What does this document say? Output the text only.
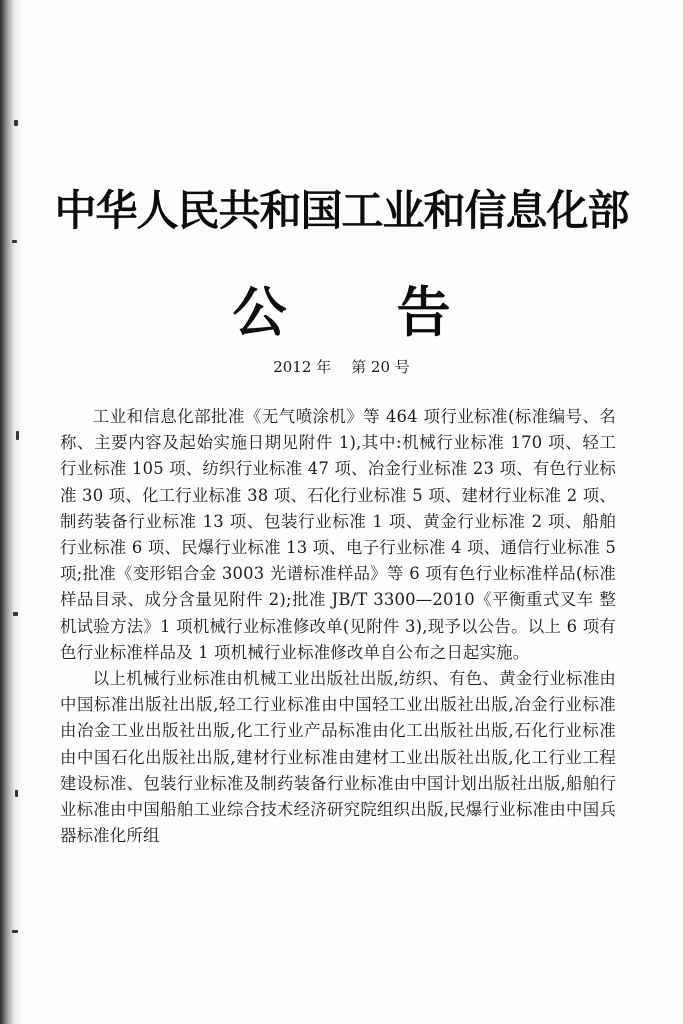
中华人民共和国工业和信息化部
公 告
2012 年 第 20 号

工业和信息化部批准《无气喷涂机》等 464 项行业标准(标准编号、名称、主要内容及起始实施日期见附件 1),其中:机械行业标准 170 项、轻工行业标准 105 项、纺织行业标准 47 项、冶金行业标准 23 项、有色行业标准 30 项、化工行业标准 38 项、石化行业标准 5 项、建材行业标准 2 项、制药装备行业标准 13 项、包装行业标准 1 项、黄金行业标准 2 项、船舶行业标准 6 项、民爆行业标准 13 项、电子行业标准 4 项、通信行业标准 5 项;批准《变形铝合金 3003 光谱标准样品》等 6 项有色行业标准样品(标准样品目录、成分含量见附件 2);批准 JB/T 3300—2010《平衡重式叉车 整机试验方法》1 项机械行业标准修改单(见附件 3),现予以公告。以上 6 项有色行业标准样品及 1 项机械行业标准修改单自公布之日起实施。

以上机械行业标准由机械工业出版社出版,纺织、有色、黄金行业标准由中国标准出版社出版,轻工行业标准由中国轻工业出版社出版,冶金行业标准由冶金工业出版社出版,化工行业产品标准由化工出版社出版,石化行业标准由中国石化出版社出版,建材行业标准由建材工业出版社出版,化工行业工程建设标准、包装行业标准及制药装备行业标准由中国计划出版社出版,船舶行业标准由中国船舶工业综合技术经济研究院组织出版,民爆行业标准由中国兵器标准化所组
